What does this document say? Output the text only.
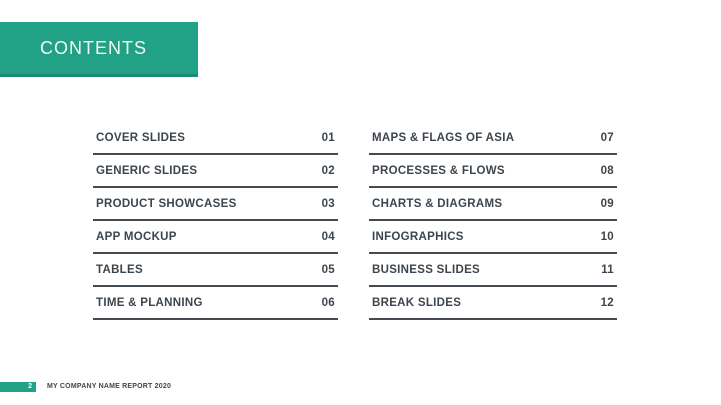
CONTENTS
COVER SLIDES	01
GENERIC SLIDES	02
PRODUCT SHOWCASES	03
APP MOCKUP	04
TABLES	05
TIME & PLANNING	06
MAPS & FLAGS OF ASIA	07
PROCESSES & FLOWS	08
CHARTS & DIAGRAMS	09
INFOGRAPHICS	10
BUSINESS SLIDES	11
BREAK SLIDES	12
2 MY COMPANY NAME REPORT 2020
